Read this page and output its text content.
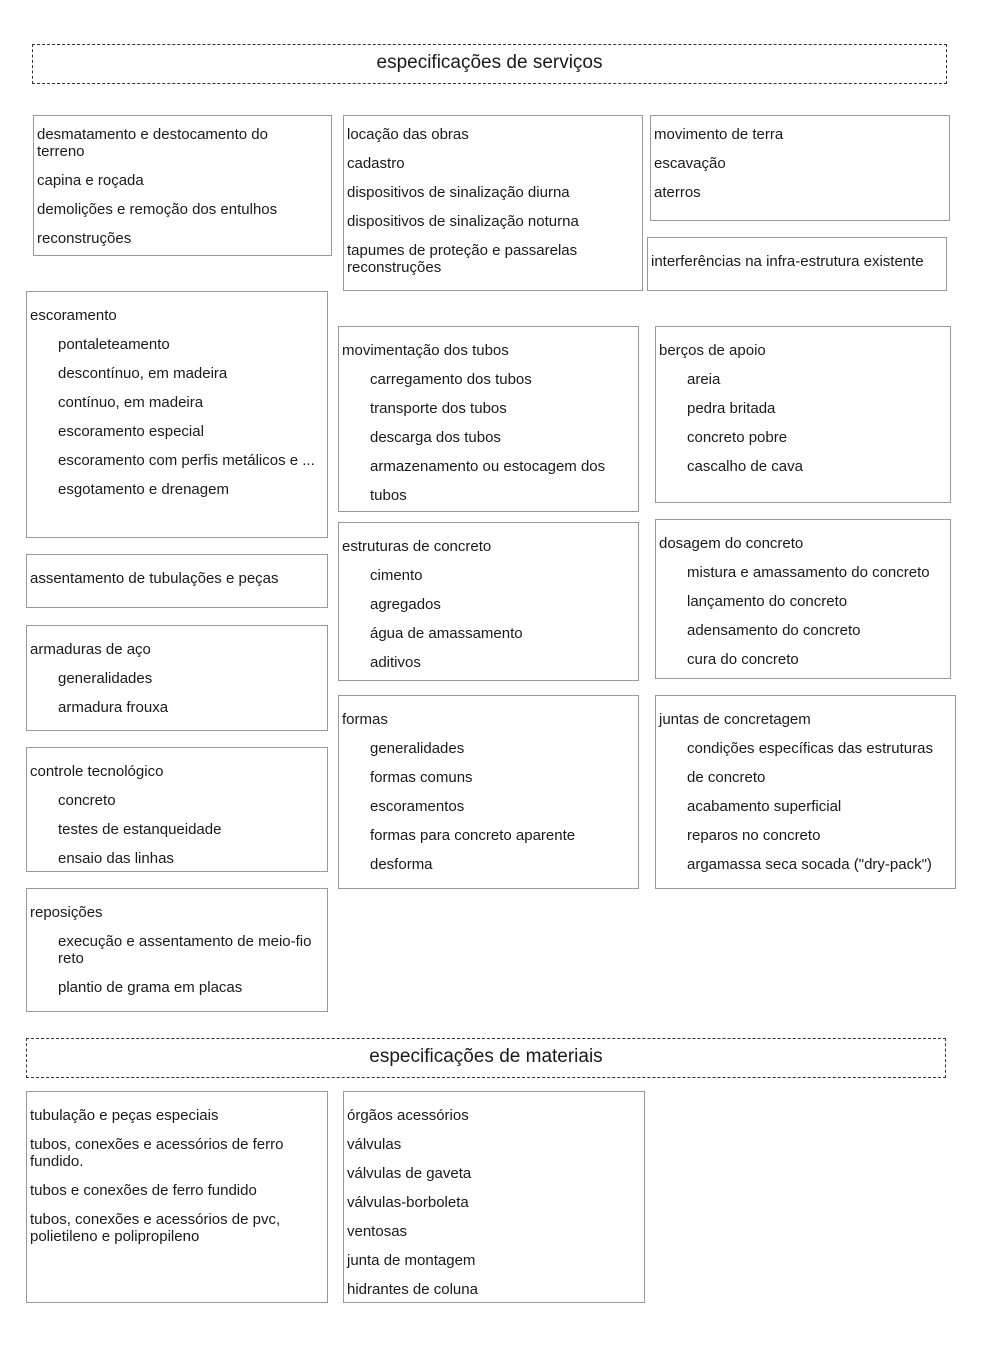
especificações de serviços
desmatamento e destocamento do terreno
capina e roçada
demolições e remoção dos entulhos
reconstruções
locação das obras
cadastro
dispositivos de sinalização diurna
dispositivos de sinalização noturna
tapumes de proteção e passarelas reconstruções
movimento de terra
escavação
aterros
interferências na infra-estrutura existente
escoramento
pontaleteamento
descontínuo, em madeira
contínuo, em madeira
escoramento especial
escoramento com perfis metálicos e ...
esgotamento e drenagem
movimentação dos tubos
carregamento dos tubos
transporte dos tubos
descarga dos tubos
armazenamento ou estocagem dos
tubos
berços de apoio
areia
pedra britada
concreto pobre
cascalho de cava
assentamento de tubulações e peças
estruturas de concreto
cimento
agregados
água de amassamento
aditivos
dosagem do concreto
mistura e amassamento do concreto
lançamento do concreto
adensamento do concreto
cura do concreto
armaduras de aço
generalidades
armadura frouxa
formas
generalidades
formas comuns
escoramentos
formas para concreto aparente
desforma
juntas de concretagem
condições específicas das estruturas
de concreto
acabamento superficial
reparos no concreto
argamassa seca socada ("dry-pack")
controle tecnológico
concreto
testes de estanqueidade
ensaio das linhas
reposições
execução e assentamento de meio-fio reto
plantio de grama em placas
especificações de materiais
tubulação e peças especiais
tubos, conexões e acessórios de ferro fundido.
tubos e conexões de ferro fundido
tubos, conexões e acessórios de pvc, polietileno e polipropileno
órgãos acessórios
válvulas
válvulas de gaveta
válvulas-borboleta
ventosas
junta de montagem
hidrantes de coluna
